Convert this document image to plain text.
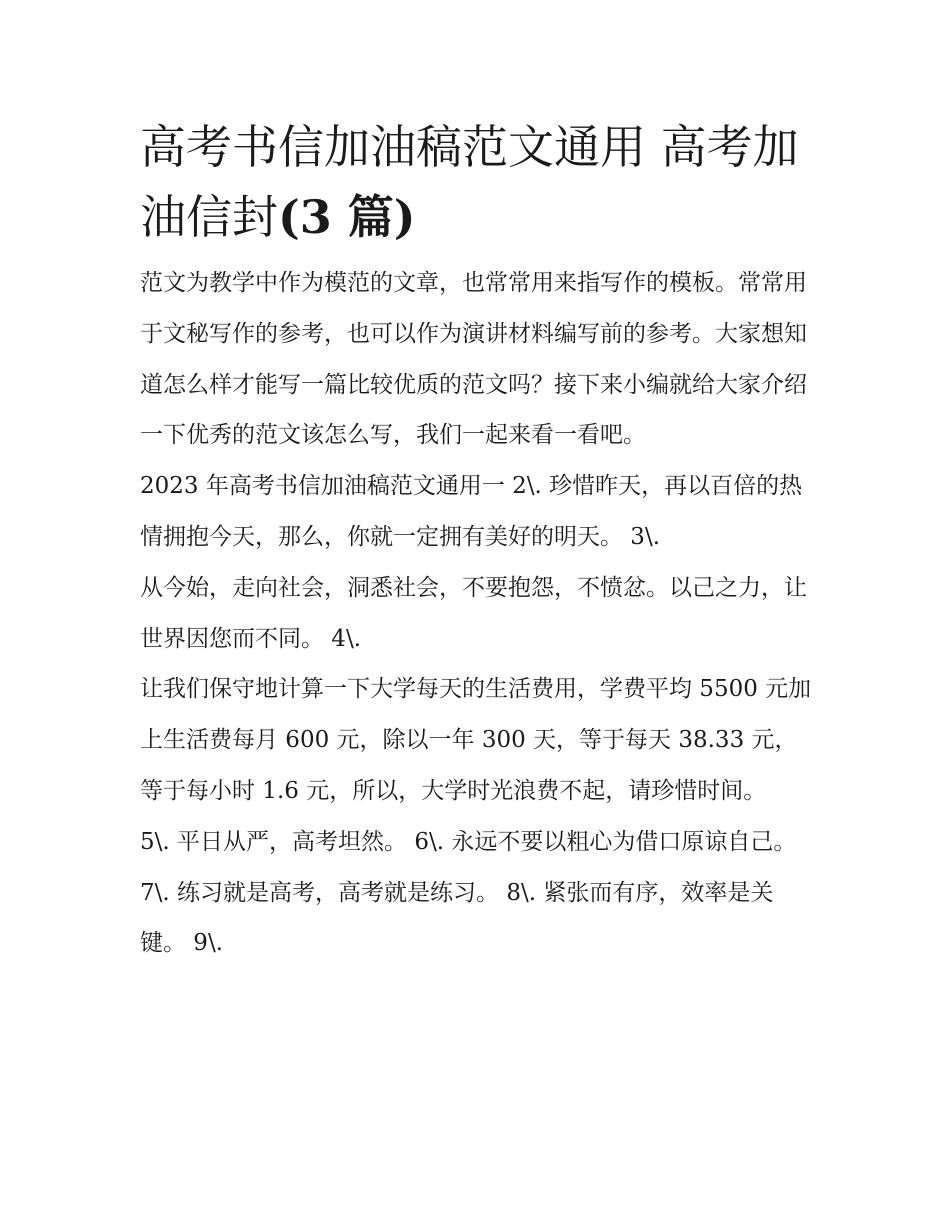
高考书信加油稿范文通用 高考加油信封(3 篇)

范文为教学中作为模范的文章，也常常用来指写作的模板。常常用于文秘写作的参考，也可以作为演讲材料编写前的参考。大家想知道怎么样才能写一篇比较优质的范文吗？接下来小编就给大家介绍一下优秀的范文该怎么写，我们一起来看一看吧。

2023 年高考书信加油稿范文通用一 2\. 珍惜昨天，再以百倍的热情拥抱今天，那么，你就一定拥有美好的明天。 3\.

从今始，走向社会，洞悉社会，不要抱怨，不愤忿。以己之力，让世界因您而不同。 4\.

让我们保守地计算一下大学每天的生活费用，学费平均 5500 元加上生活费每月 600 元，除以一年 300 天，等于每天 38.33 元，等于每小时 1.6 元，所以，大学时光浪费不起，请珍惜时间。

5\. 平日从严，高考坦然。 6\. 永远不要以粗心为借口原谅自己。 7\. 练习就是高考，高考就是练习。 8\. 紧张而有序，效率是关键。 9\.
